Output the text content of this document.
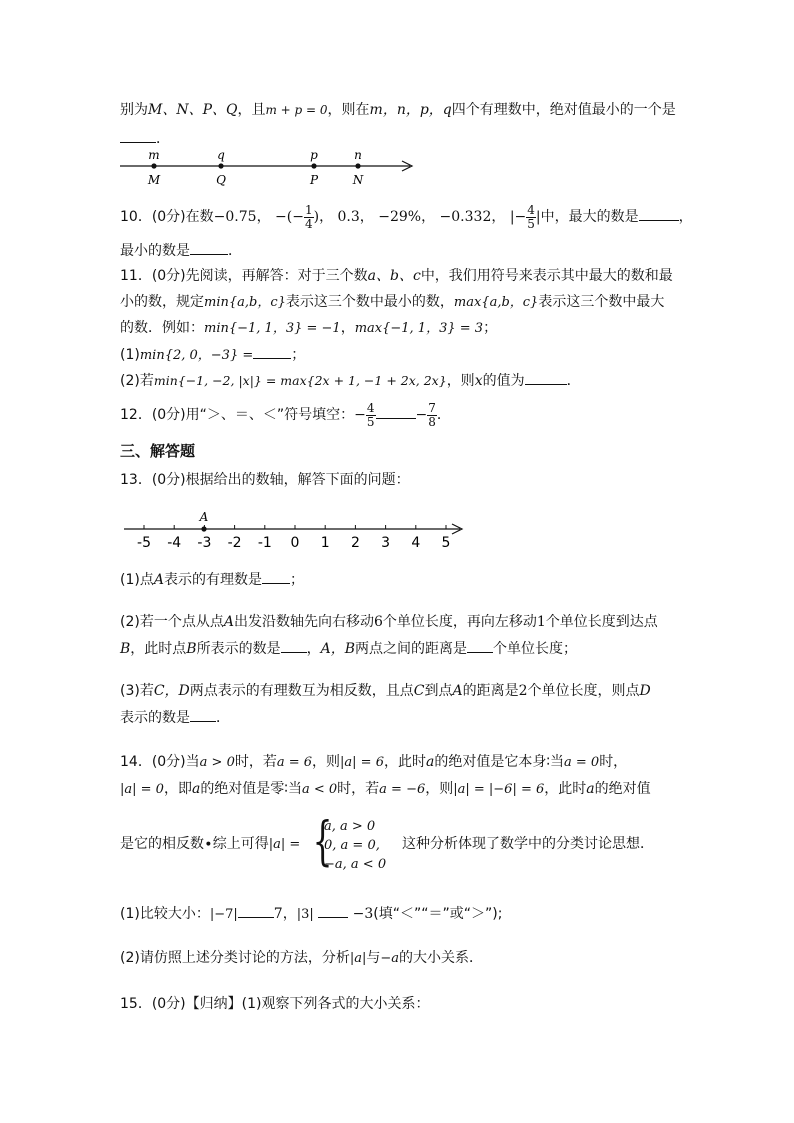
别为M、N、P、Q，且m + p = 0，则在m，n，p，q四个有理数中，绝对值最小的一个是
．
m	q	p	n
M	Q	P	N
10．(0分)在数−0.75， −(− $\frac{1}{4}$ )， 0.3， −29%， −0.332， |− $\frac{4}{5}$ |中，最大的数是	，
最小的数是	．
11．(0分)先阅读，再解答：对于三个数a、b、c中，我们用符号来表示其中最大的数和最
小的数，规定min{a,b，c}表示这三个数中最小的数，max{a,b，c}表示这三个数中最大
的数．例如：min{−1, 1，3} = −1，max{−1, 1，3} = 3；
(1)min{2, 0，−3} =	；
(2)若min{−1, −2, |x|} = max{2x + 1, −1 + 2x, 2x}，则x的值为	．
12．(0分)用“＞、＝、＜”符号填空：− $\frac{4}{5}$	− $\frac{7}{8}$ ．
三、解答题
13．(0分)根据给出的数轴，解答下面的问题：
-5 -4 -3 -2 -1 0 1 2 3 4 5
A
(1)点A表示的有理数是 ；
(2)若一个点从点A出发沿数轴先向右移动6个单位长度，再向左移动1个单位长度到达点
B，此时点B所表示的数是 ，A，B两点之间的距离是 个单位长度；
(3)若C，D两点表示的有理数互为相反数，且点C到点A的距离是2个单位长度，则点D
表示的数是 ．
14．(0分)当a > 0时，若a = 6，则|a| = 6，此时a的绝对值是它本身∶当a = 0时，
|a| = 0，即a的绝对值是零∶当a < 0时，若a = −6，则|a| = |−6| = 6，此时a的绝对值
是它的相反数∙综上可得|a| = {
a, a > 0
0, a = 0,
−a, a < 0
这种分析体现了数学中的分类讨论思想．
(1)比较大小：|−7|	7，|3|	−3(填“＜”“＝”或“＞”);
(2)请仿照上述分类讨论的方法，分析|a|与−a的大小关系．
15．(0分)【归纳】(1)观察下列各式的大小关系：
